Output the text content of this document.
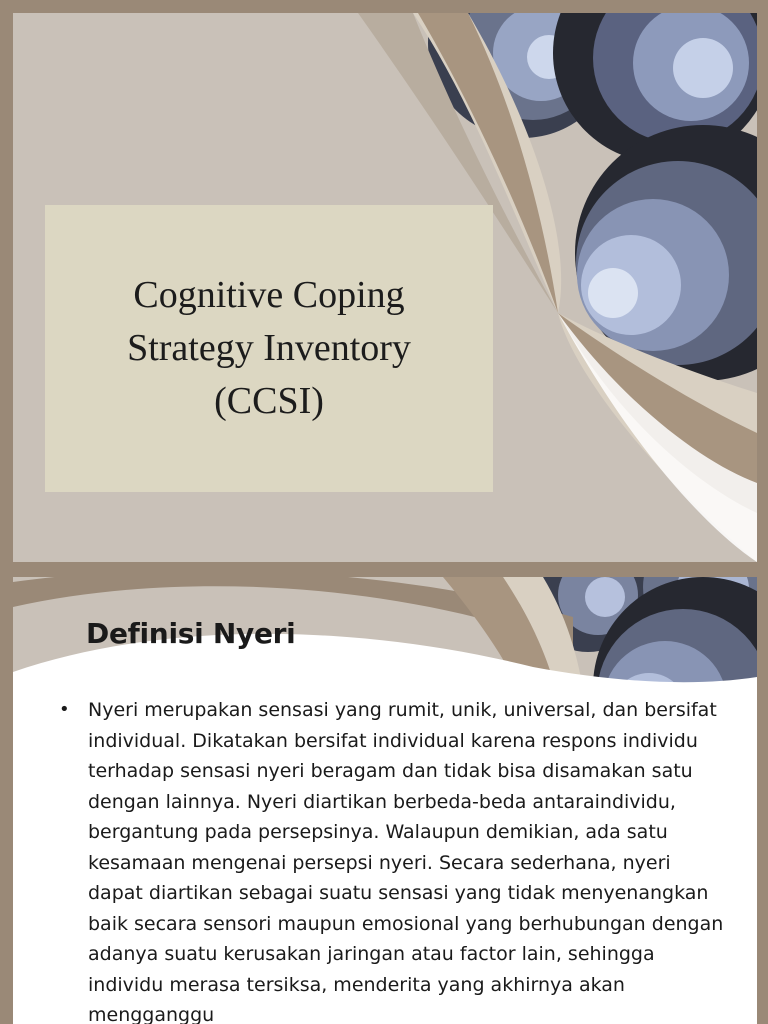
Cognitive Coping
Strategy Inventory
(CCSI)
Definisi Nyeri
• Nyeri merupakan sensasi yang rumit, unik, universal, dan bersifat individual. Dikatakan bersifat individual karena respons individu terhadap sensasi nyeri beragam dan tidak bisa disamakan satu dengan lainnya. Nyeri diartikan berbeda-beda antaraindividu, bergantung pada persepsinya. Walaupun demikian, ada satu kesamaan mengenai persepsi nyeri. Secara sederhana, nyeri dapat diartikan sebagai suatu sensasi yang tidak menyenangkan baik secara sensori maupun emosional yang berhubungan dengan adanya suatu kerusakan jaringan atau factor lain, sehingga individu merasa tersiksa, menderita yang akhirnya akan mengganggu
